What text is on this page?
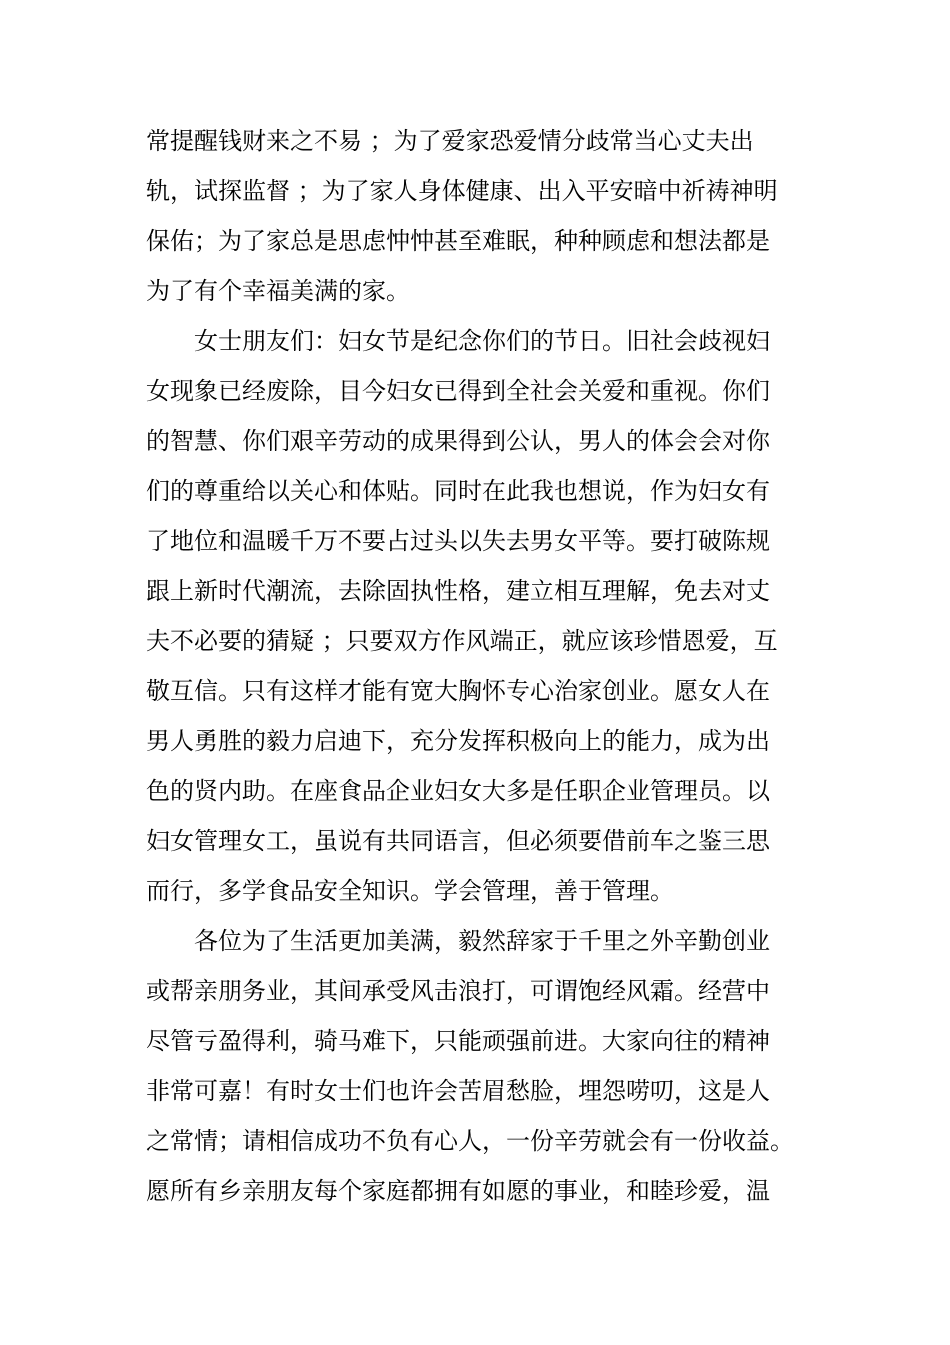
常提醒钱财来之不易 ；为了爱家恐爱情分歧常当心丈夫出
轨，试探监督 ；为了家人身体健康、出入平安暗中祈祷神明
保佑；为了家总是思虑忡忡甚至难眠，种种顾虑和想法都是
为了有个幸福美满的家。
女士朋友们：妇女节是纪念你们的节日。旧社会歧视妇
女现象已经废除，目今妇女已得到全社会关爱和重视。你们
的智慧、你们艰辛劳动的成果得到公认，男人的体会会对你
们的尊重给以关心和体贴。同时在此我也想说，作为妇女有
了地位和温暖千万不要占过头以失去男女平等。要打破陈规
跟上新时代潮流，去除固执性格，建立相互理解，免去对丈
夫不必要的猜疑 ；只要双方作风端正，就应该珍惜恩爱，互
敬互信。只有这样才能有宽大胸怀专心治家创业。愿女人在
男人勇胜的毅力启迪下，充分发挥积极向上的能力，成为出
色的贤内助。在座食品企业妇女大多是任职企业管理员。以
妇女管理女工，虽说有共同语言，但必须要借前车之鉴三思
而行，多学食品安全知识。学会管理，善于管理。
各位为了生活更加美满，毅然辞家于千里之外辛勤创业
或帮亲朋务业，其间承受风击浪打，可谓饱经风霜。经营中
尽管亏盈得利，骑马难下，只能顽强前进。大家向往的精神
非常可嘉！有时女士们也许会苦眉愁脸，埋怨唠叨，这是人
之常情；请相信成功不负有心人，一份辛劳就会有一份收益。
愿所有乡亲朋友每个家庭都拥有如愿的事业，和睦珍爱，温
